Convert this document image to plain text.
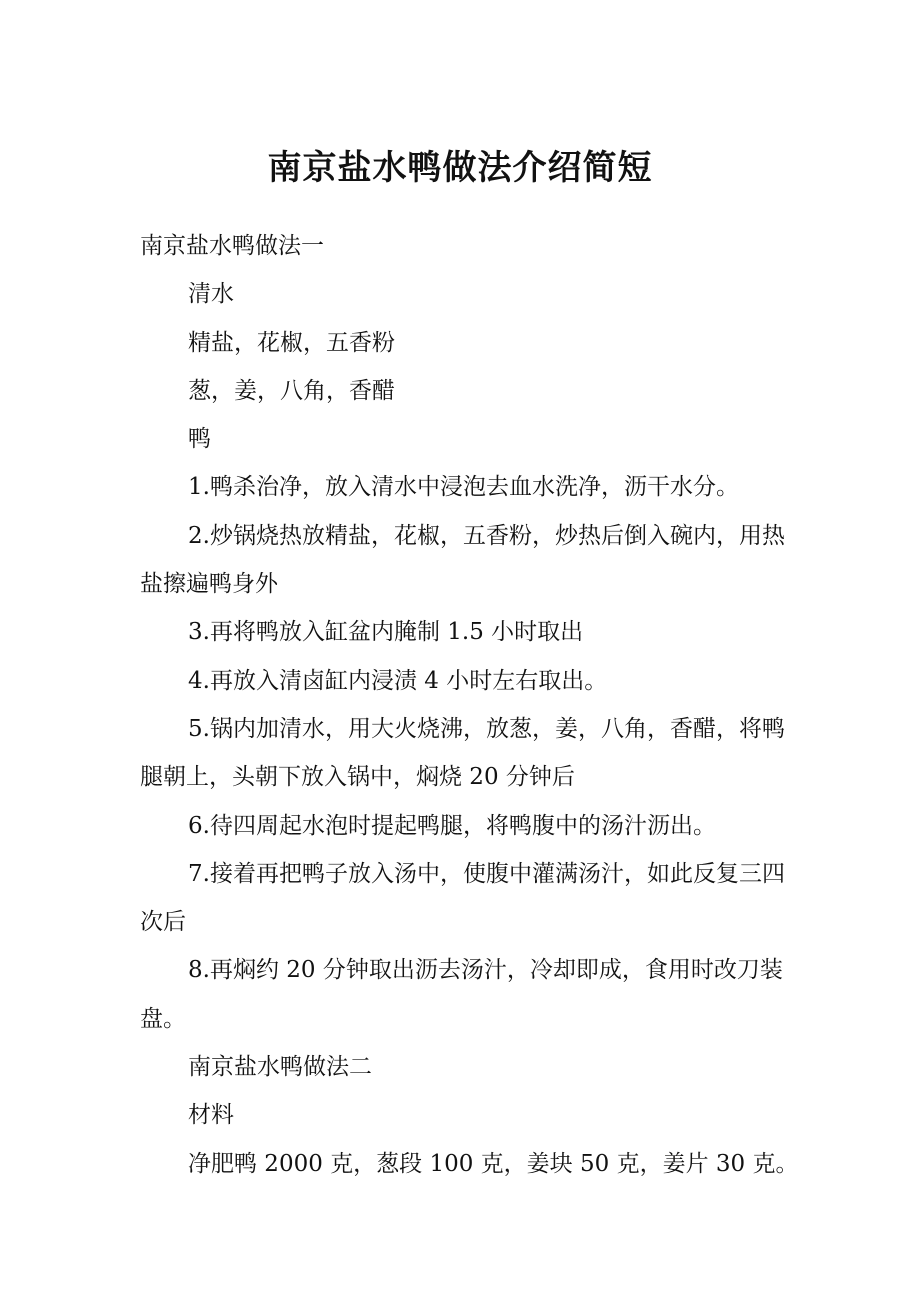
南京盐水鸭做法介绍简短

南京盐水鸭做法一

清水

精盐，花椒，五香粉

葱，姜，八角，香醋

鸭

1.鸭杀治净，放入清水中浸泡去血水洗净，沥干水分。

2.炒锅烧热放精盐，花椒，五香粉，炒热后倒入碗内，用热盐擦遍鸭身外

3.再将鸭放入缸盆内腌制 1.5 小时取出

4.再放入清卤缸内浸渍 4 小时左右取出。

5.锅内加清水，用大火烧沸，放葱，姜，八角，香醋，将鸭腿朝上，头朝下放入锅中，焖烧 20 分钟后

6.待四周起水泡时提起鸭腿，将鸭腹中的汤汁沥出。

7.接着再把鸭子放入汤中，使腹中灌满汤汁，如此反复三四次后

8.再焖约 20 分钟取出沥去汤汁，冷却即成，食用时改刀装盘。

南京盐水鸭做法二

材料

净肥鸭 2000 克，葱段 100 克，姜块 50 克，姜片 30 克。
